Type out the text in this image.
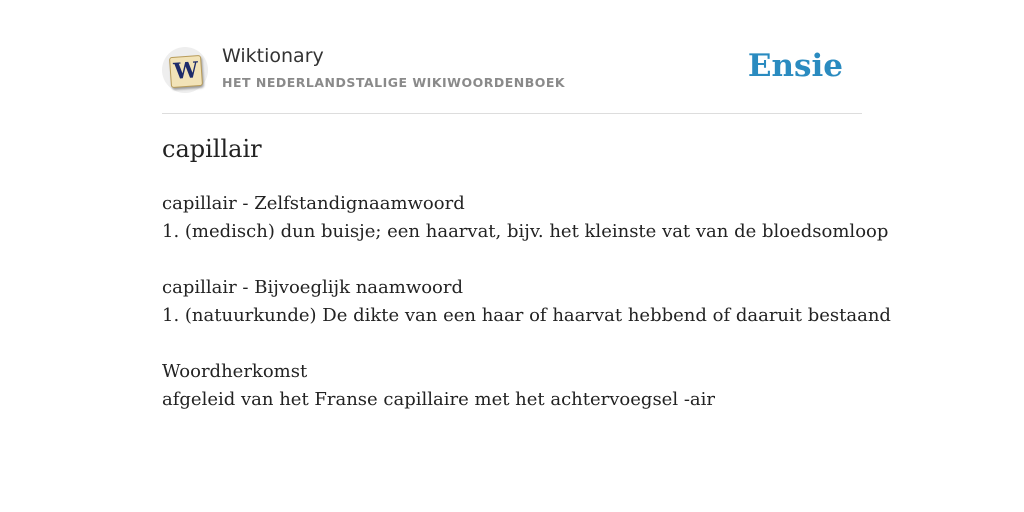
W
Wiktionary
HET NEDERLANDSTALIGE WIKIWOORDENBOEK	Ensie
capillair
capillair - Zelfstandignaamwoord
1. (medisch) dun buisje; een haarvat, bijv. het kleinste vat van de bloedsomloop
capillair - Bijvoeglijk naamwoord
1. (natuurkunde) De dikte van een haar of haarvat hebbend of daaruit bestaand
Woordherkomst
afgeleid van het Franse capillaire met het achtervoegsel -air
